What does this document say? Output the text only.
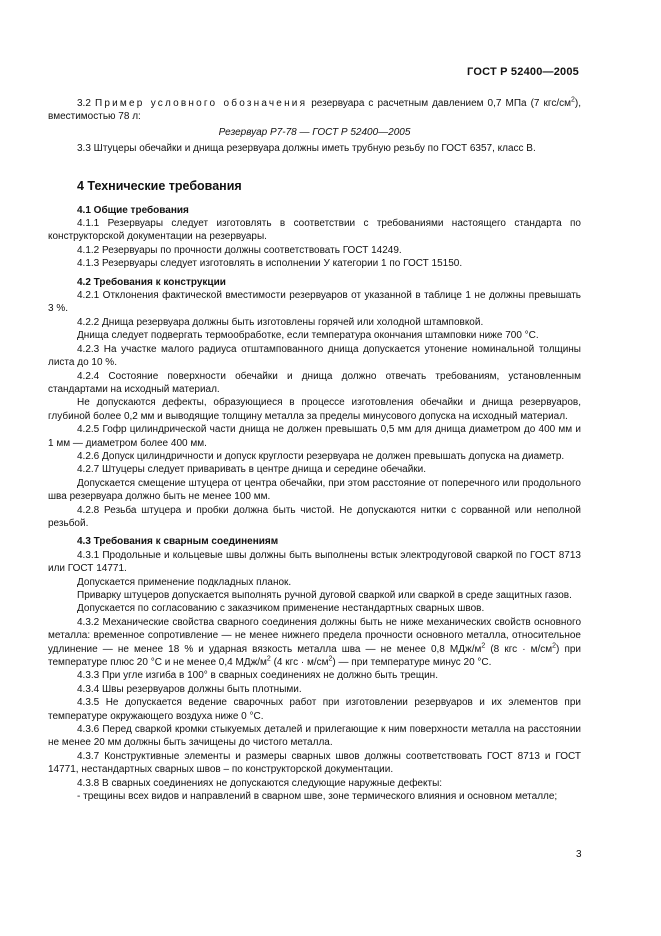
ГОСТ Р 52400—2005

3.2 Пример условного обозначения резервуара с расчетным давлением 0,7 МПа (7 кгс/$см^2$), вместимостью 78 л:

Резервуар Р7-78 — ГОСТ Р 52400—2005

3.3 Штуцеры обечайки и днища резервуара должны иметь трубную резьбу по ГОСТ 6357, класс В.

4 Технические требования
4.1 Общие требования

4.1.1 Резервуары следует изготовлять в соответствии с требованиями настоящего стандарта по конструкторской документации на резервуары.

4.1.2 Резервуары по прочности должны соответствовать ГОСТ 14249.

4.1.3 Резервуары следует изготовлять в исполнении У категории 1 по ГОСТ 15150.

4.2 Требования к конструкции

4.2.1 Отклонения фактической вместимости резервуаров от указанной в таблице 1 не должны превышать 3 %.

4.2.2 Днища резервуара должны быть изготовлены горячей или холодной штамповкой.

Днища следует подвергать термообработке, если температура окончания штамповки ниже 700 °С.

4.2.3 На участке малого радиуса отштампованного днища допускается утонение номинальной толщины листа до 10 %.

4.2.4 Состояние поверхности обечайки и днища должно отвечать требованиям, установленным стандартами на исходный материал.

Не допускаются дефекты, образующиеся в процессе изготовления обечайки и днища резервуаров, глубиной более 0,2 мм и выводящие толщину металла за пределы минусового допуска на исходный материал.

4.2.5 Гофр цилиндрической части днища не должен превышать 0,5 мм для днища диаметром до 400 мм и 1 мм — диаметром более 400 мм.

4.2.6 Допуск цилиндричности и допуск круглости резервуара не должен превышать допуска на диаметр.

4.2.7 Штуцеры следует приваривать в центре днища и середине обечайки.

Допускается смещение штуцера от центра обечайки, при этом расстояние от поперечного или продольного шва резервуара должно быть не менее 100 мм.

4.2.8 Резьба штуцера и пробки должна быть чистой. Не допускаются нитки с сорванной или неполной резьбой.

4.3 Требования к сварным соединениям

4.3.1 Продольные и кольцевые швы должны быть выполнены встык электродуговой сваркой по ГОСТ 8713 или ГОСТ 14771.

Допускается применение подкладных планок.

Приварку штуцеров допускается выполнять ручной дуговой сваркой или сваркой в среде защитных газов.

Допускается по согласованию с заказчиком применение нестандартных сварных швов.

4.3.2 Механические свойства сварного соединения должны быть не ниже механических свойств основного металла: временное сопротивление — не менее нижнего предела прочности основного металла, относительное удлинение — не менее 18 % и ударная вязкость металла шва — не менее 0,8 МДж/$м^2$ (8 кгс · $м/см^2$) при температуре плюс 20 °С и не менее 0,4 МДж/$м^2$ (4 кгс · $м/см^2$) — при температуре минус 20 °С.

4.3.3 При угле изгиба в 100° в сварных соединениях не должно быть трещин.

4.3.4 Швы резервуаров должны быть плотными.

4.3.5 Не допускается ведение сварочных работ при изготовлении резервуаров и их элементов при температуре окружающего воздуха ниже 0 °С.

4.3.6 Перед сваркой кромки стыкуемых деталей и прилегающие к ним поверхности металла на расстоянии не менее 20 мм должны быть зачищены до чистого металла.

4.3.7 Конструктивные элементы и размеры сварных швов должны соответствовать ГОСТ 8713 и ГОСТ 14771, нестандартных сварных швов – по конструкторской документации.

4.3.8 В сварных соединениях не допускаются следующие наружные дефекты:

- трещины всех видов и направлений в сварном шве, зоне термического влияния и основном металле;

3
